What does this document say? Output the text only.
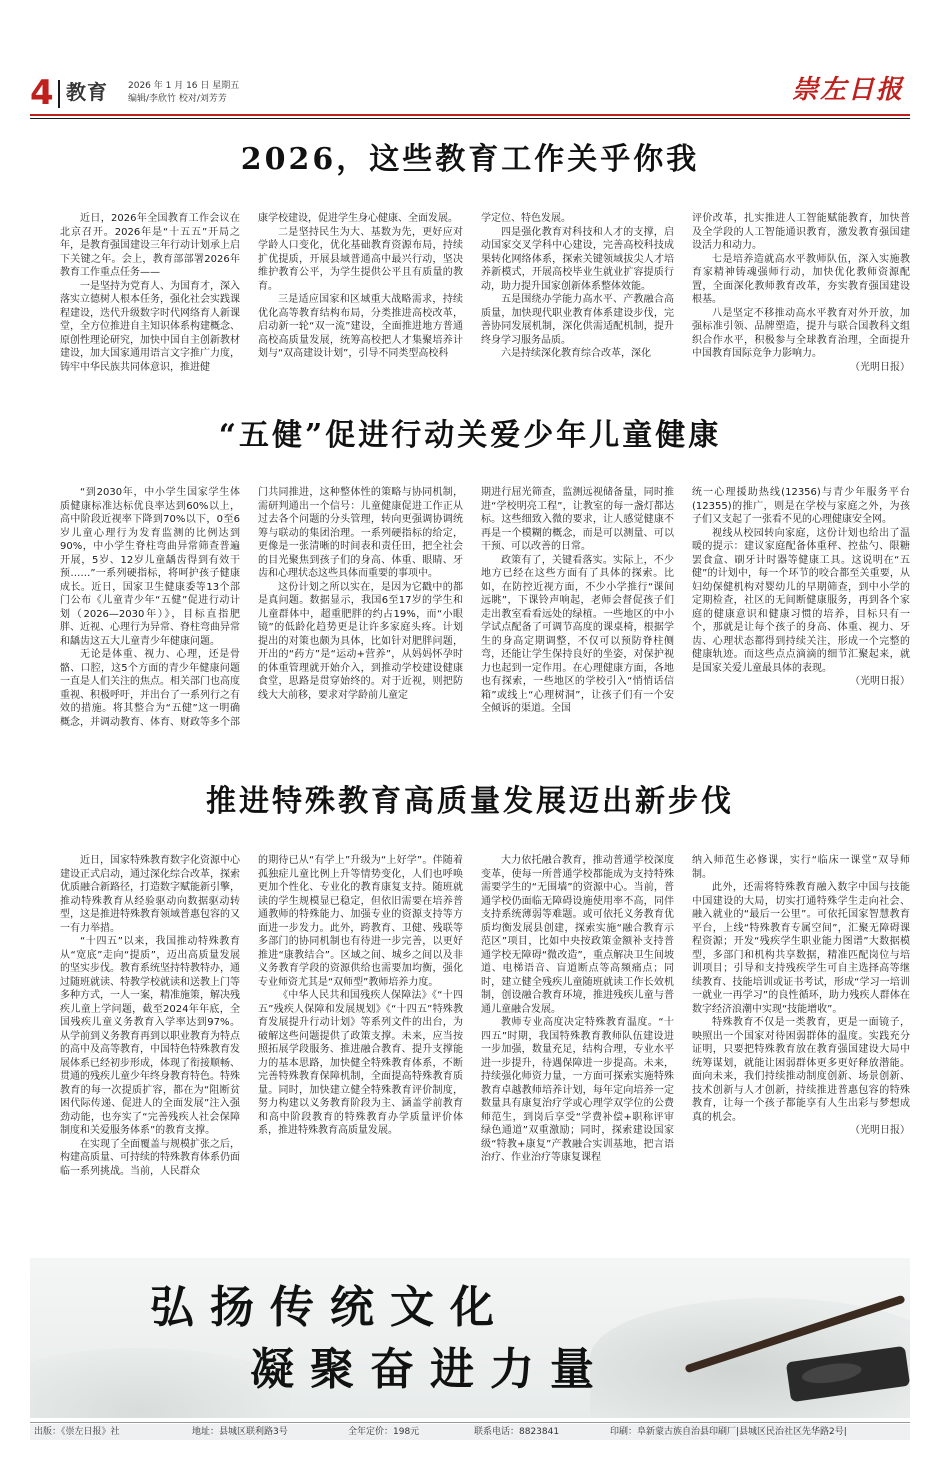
4 教育 2026 年 1 月 16 日 星期五
编辑/李欣竹 校对/刘芳芳	崇左日报
2026，这些教育工作关乎你我

近日，2026年全国教育工作会议在北京召开。2026年是“十五五”开局之年，是教育强国建设三年行动计划承上启下关键之年。会上，教育部部署2026年教育工作重点任务——

一是坚持为党育人、为国育才，深入落实立德树人根本任务，强化社会实践课程建设，迭代升级数字时代网络育人新课堂，全方位推进自主知识体系构建概念、原创性理论研究，加快中国自主创新教材建设，加大国家通用语言文字推广力度，铸牢中华民族共同体意识，推进健

康学校建设，促进学生身心健康、全面发展。

二是坚持民生为大、基数为先，更好应对学龄人口变化，优化基础教育资源布局，持续扩优提质，开展县域普通高中最兴行动，坚决维护教育公平，为学生提供公平且有质量的教育。

三是适应国家和区域重大战略需求，持续优化高等教育结构布局，分类推进高校改革，启动新一轮“双一流”建设，全面推进地方普通高校高质量发展，统筹高校把人才集聚培养计划与“双高建设计划”，引导不同类型高校科

学定位、特色发展。

四是强化教育对科技和人才的支撑，启动国家交叉学科中心建设，完善高校科技成果转化网络体系，探索关键领域拔尖人才培养新模式，开展高校毕业生就业扩容提质行动，助力提升国家创新体系整体效能。

五是围绕办学能力高水平、产教融合高质量，加快现代职业教育体系建设步伐，完善协同发展机制，深化供需适配机制，提升终身学习服务品质。

六是持续深化教育综合改革，深化

评价改革，扎实推进人工智能赋能教育，加快普及全学段的人工智能通识教育，激发教育强国建设活力和动力。

七是培养造就高水平教师队伍，深入实施教育家精神铸魂强师行动，加快优化教师资源配置，全面深化教师教育改革，夯实教育强国建设根基。

八是坚定不移推动高水平教育对外开放，加强标准引领、品牌塑造，提升与联合国教科文组织合作水平，积极参与全球教育治理，全面提升中国教育国际竞争力影响力。

（光明日报）

“五健”促进行动关爱少年儿童健康

“到2030年，中小学生国家学生体质健康标准达标优良率达到60%以上，高中阶段近视率下降到70%以下，0至6岁儿童心理行为发育监测的比例达到90%，中小学生脊柱弯曲异常筛查普遍开展，5岁、12岁儿童龋齿得到有效干预……”一系列硬指标，将呵护孩子健康成长。近日，国家卫生健康委等13个部门公布《儿童青少年“五健”促进行动计划（2026—2030年）》，目标直指肥胖、近视、心理行为异常、脊柱弯曲异常和龋齿这五大儿童青少年健康问题。

无论是体重、视力、心理，还是骨骼、口腔，这5个方面的青少年健康问题一直是人们关注的焦点。相关部门也高度重视、积极呼吁，并出台了一系列行之有效的措施。将其整合为“五健”这一明确概念，并调动教育、体育、财政等多个部

门共同推进，这种整体性的策略与协同机制，需研判通出一个信号：儿童健康促进工作正从过去各个问题的分头管理，转向更强调协调统筹与联动的集团治理。一系列硬指标的给定，更像是一张清晰的时间表和责任田，把全社会的目光聚焦到孩子们的身高、体重、眼睛、牙齿和心理状态这些具体而重要的事项中。

这份计划之所以实在，是因为它戳中的都是真问题。数据显示，我国6至17岁的学生和儿童群体中，超重肥胖的约占19%，而“小眼镜”的低龄化趋势更是让许多家庭头疼。计划提出的对策也颇为具体，比如针对肥胖问题，开出的“药方”是“运动+营养”，从妈妈怀孕时的体重管理就开始介入，到推动学校建设健康食堂，思路是贯穿始终的。对于近视，则把防线大大前移，要求对学龄前儿童定

期进行屈光筛查，监测远视储备量，同时推进“学校明亮工程”，让教室的每一盏灯都达标。这些细致入微的要求，让人感觉健康不再是一个模糊的概念，而是可以测量、可以干预、可以改善的日常。

政策有了，关键看落实。实际上，不少地方已经在这些方面有了具体的探索。比如，在防控近视方面，不少小学推行“课间远眺”，下课铃声响起，老师会督促孩子们走出教室看看远处的绿植。一些地区的中小学试点配备了可调节高度的课桌椅，根据学生的身高定期调整，不仅可以预防脊柱侧弯，还能让学生保持良好的坐姿，对保护视力也起到一定作用。在心理健康方面，各地也有探索，一些地区的学校引入“悄悄话信箱”或线上“心理树洞”，让孩子们有一个安全倾诉的渠道。全国

统一心理援助热线(12356)与青少年服务平台(12355)的推广，则是在学校与家庭之外，为孩子们又支起了一张看不见的心理健康安全网。

视线从校园转向家庭，这份计划也给出了温暖的提示：建议家庭配备体重秤、控盐勺、限糖罢食盒、刷牙计时器等健康工具。这说明在“五健”的计划中，每一个环节的咬合都至关重要，从妇幼保健机构对婴幼儿的早期筛查，到中小学的定期检查，社区的无间断健康服务，再到各个家庭的健康意识和健康习惯的培养，目标只有一个，那就是让每个孩子的身高、体重、视力、牙齿、心理状态都得到持续关注，形成一个完整的健康轨迹。而这些点点滴滴的细节汇聚起来，就是国家关爱儿童最具体的表现。

（光明日报）

推进特殊教育高质量发展迈出新步伐

近日，国家特殊教育数字化资源中心建设正式启动，通过深化综合改革，探索优质融合新路径，打造数字赋能新引擎，推动特殊教育从经验驱动向数据驱动转型，这是推进特殊教育领域普惠包容的又一有力举措。

“十四五”以来，我国推动特殊教育从“宽底”走向“提质”，迈出高质量发展的坚实步伐。教育系统坚持特教特办，通过随班就读、特教学校就读和送教上门等多种方式，一人一案，精准施策，解决残疾儿童上学问题，截至2024年年底，全国残疾儿童义务教育入学率达到97%。从学前到义务教育再到以职业教育为特点的高中及高等教育，中国特色特殊教育发展体系已经初步形成，体现了衔接顺畅、贯通的残疾儿童少年终身教育特色。特殊教育的每一次提质扩容，都在为“阻断贫困代际传递、促进人的全面发展”注入强劲动能，也夯实了“完善残疾人社会保障制度和关爱服务体系”的教育支撑。

在实现了全面覆盖与规模扩张之后，构建高质量、可持续的特殊教育体系仍面临一系列挑战。当前，人民群众

的期待已从“有学上”升级为“上好学”。伴随着孤独症儿童比例上升等情势变化，人们也呼唤更加个性化、专业化的教育康复支持。随班就读的学生规模显已稳定，但依旧需要在培养普通教师的特殊能力、加强专业的资源支持等方面进一步发力。此外，跨教育、卫健、残联等多部门的协同机制也有待进一步完善，以更好推进“康教结合”。区域之间、城乡之间以及非义务教育学段的资源供给也需要加均衡，强化专业师资尤其是“双师型”教师培养力度。

《中华人民共和国残疾人保障法》《“十四五”残疾人保障和发展规划》《“十四五”特殊教育发展提升行动计划》等系列文件的出台，为破解这些问题提供了政策支撑。未来，应当按照拓展学段服务、推进融合教育、提升支撑能力的基本思路，加快健全特殊教育体系，不断完善特殊教育保障机制，全面提高特殊教育质量。同时，加快建立健全特殊教育评价制度，努力构建以义务教育阶段为主、涵盖学前教育和高中阶段教育的特殊教育办学质量评价体系，推进特殊教育高质量发展。

大力依托融合教育，推动普通学校深度变革，使每一所普通学校都能成为支持特殊需要学生的“无围墙”的资源中心。当前，普通学校仍面临无障碍设施使用率不高，同伴支持系统薄弱等难题。或可依托义务教育优质均衡发展县创建，探索实施“融合教育示范区”项目，比如中央按政策金额补支持普通学校无障碍“微改造”，重点解决卫生间坡道、电梯语音、盲道断点等高频痛点；同时，建立健全残疾儿童随班就读工作长效机制，创设融合教育环境，推进残疾儿童与普通儿童融合发展。

教师专业高度决定特殊教育温度。“十四五”时期，我国特殊教育教师队伍建设进一步加强，数量充足，结构合理，专业水平进一步提升，待遇保障进一步提高。未来，持续强化师资力量，一方面可探索实施特殊教育卓越教师培养计划，每年定向培养一定数量具有康复治疗学或心理学双学位的公费师范生，到岗后享受“学费补偿+职称评审绿色通道”双重激励；同时，探索建设国家级“特教+康复”产教融合实训基地，把言语治疗、作业治疗等康复课程

纳入师范生必修课，实行“临床一课堂”双导师制。

此外，还需将特殊教育融入数字中国与技能中国建设的大局，切实打通特殊学生走向社会、融入就业的“最后一公里”。可依托国家智慧教育平台，上线“特殊教育专属空间”，汇聚无障碍课程资源；开发“残疾学生职业能力图谱”大数据模型，多部门和机构共享数据，精准匹配岗位与培训项目；引导和支持残疾学生可自主选择高等继续教育、技能培训或证书考试，形成“学习一培训一就业一再学习”的良性循环，助力残疾人群体在数字经济浪潮中实现“技能增收”。

特殊教育不仅是一类教育，更是一面镜子，映照出一个国家对待困弱群体的温度。实践充分证明，只要把特殊教育放在教育强国建设大局中统筹谋划，就能让困弱群体更多更好释放潜能。面向未来，我们持续推动制度创新、场景创新、技术创新与人才创新，持续推进普惠包容的特殊教育，让每一个孩子都能享有人生出彩与梦想成真的机会。

（光明日报）

弘扬传统文化
凝聚奋进力量
出版：《崇左日报》社	地址：县城区联利路3号	全年定价：198元	联系电话：8823841	印刷：阜新蒙古族自治县印刷厂|县城区民治社区先华路2号|
